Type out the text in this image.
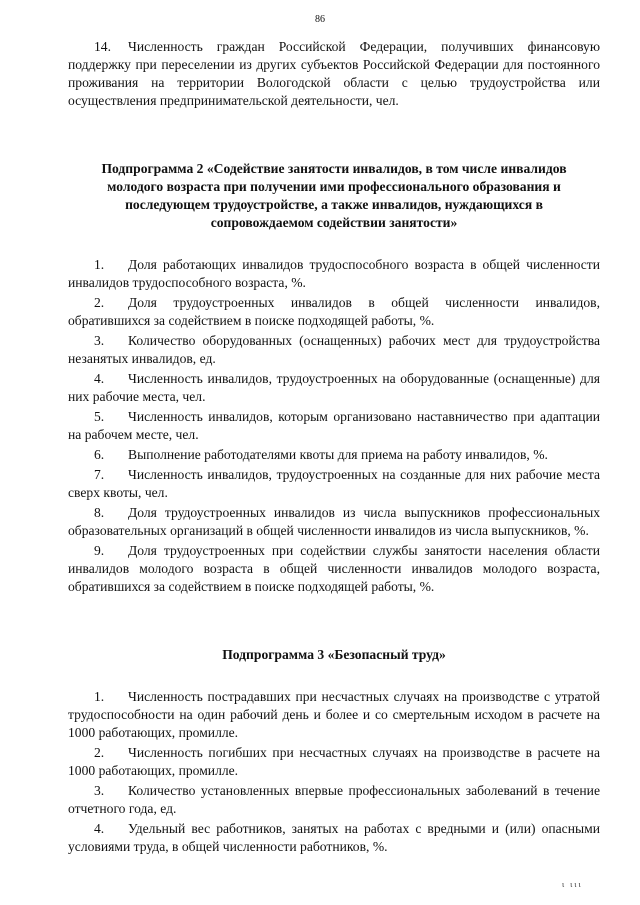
86

14. Численность граждан Российской Федерации, получивших финансовую поддержку при переселении из других субъектов Российской Федерации для постоянного проживания на территории Вологодской области с целью трудоустройства или осуществления предпринимательской деятельности, чел.

Подпрограмма 2 «Содействие занятости инвалидов, в том числе инвалидов молодого возраста при получении ими профессионального образования и последующем трудоустройстве, а также инвалидов, нуждающихся в сопровождаемом содействии занятости»

1. Доля работающих инвалидов трудоспособного возраста в общей численности инвалидов трудоспособного возраста, %.

2. Доля трудоустроенных инвалидов в общей численности инвалидов, обратившихся за содействием в поиске подходящей работы, %.

3. Количество оборудованных (оснащенных) рабочих мест для трудоустройства незанятых инвалидов, ед.

4. Численность инвалидов, трудоустроенных на оборудованные (оснащенные) для них рабочие места, чел.

5. Численность инвалидов, которым организовано наставничество при адаптации на рабочем месте, чел.

6. Выполнение работодателями квоты для приема на работу инвалидов, %.

7. Численность инвалидов, трудоустроенных на созданные для них рабочие места сверх квоты, чел.

8. Доля трудоустроенных инвалидов из числа выпускников профессиональных образовательных организаций в общей численности инвалидов из числа выпускников, %.

9. Доля трудоустроенных при содействии службы занятости населения области инвалидов молодого возраста в общей численности инвалидов молодого возраста, обратившихся за содействием в поиске подходящей работы, %.

Подпрограмма 3 «Безопасный труд»

1. Численность пострадавших при несчастных случаях на производстве с утратой трудоспособности на один рабочий день и более и со смертельным исходом в расчете на 1000 работающих, промилле.

2. Численность погибших при несчастных случаях на производстве в расчете на 1000 работающих, промилле.

3. Количество установленных впервые профессиональных заболеваний в течение отчетного года, ед.

4. Удельный вес работников, занятых на работах с вредными и (или) опасными условиями труда, в общей численности работников, %.

ι ιιι
